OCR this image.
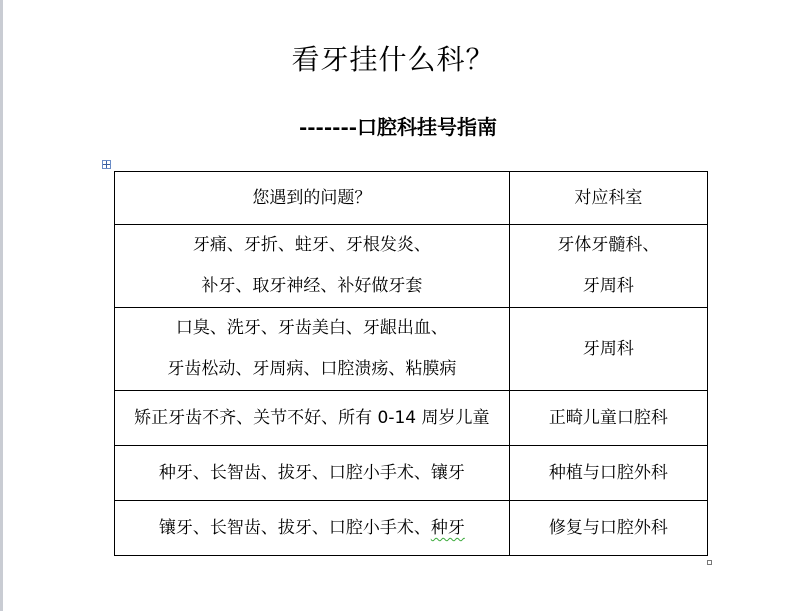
看牙挂什么科？
-------口腔科挂号指南
您遇到的问题？	对应科室

牙痛、牙折、蛀牙、牙根发炎、
补牙、取牙神经、补好做牙套	牙体牙髓科、
牙周科

口臭、洗牙、牙齿美白、牙龈出血、
牙齿松动、牙周病、口腔溃疡、粘膜病	牙周科
矫正牙齿不齐、关节不好、所有 0-14 周岁儿童	正畸儿童口腔科
种牙、长智齿、拔牙、口腔小手术、镶牙	种植与口腔外科
镶牙、长智齿、拔牙、口腔小手术、种牙	修复与口腔外科
